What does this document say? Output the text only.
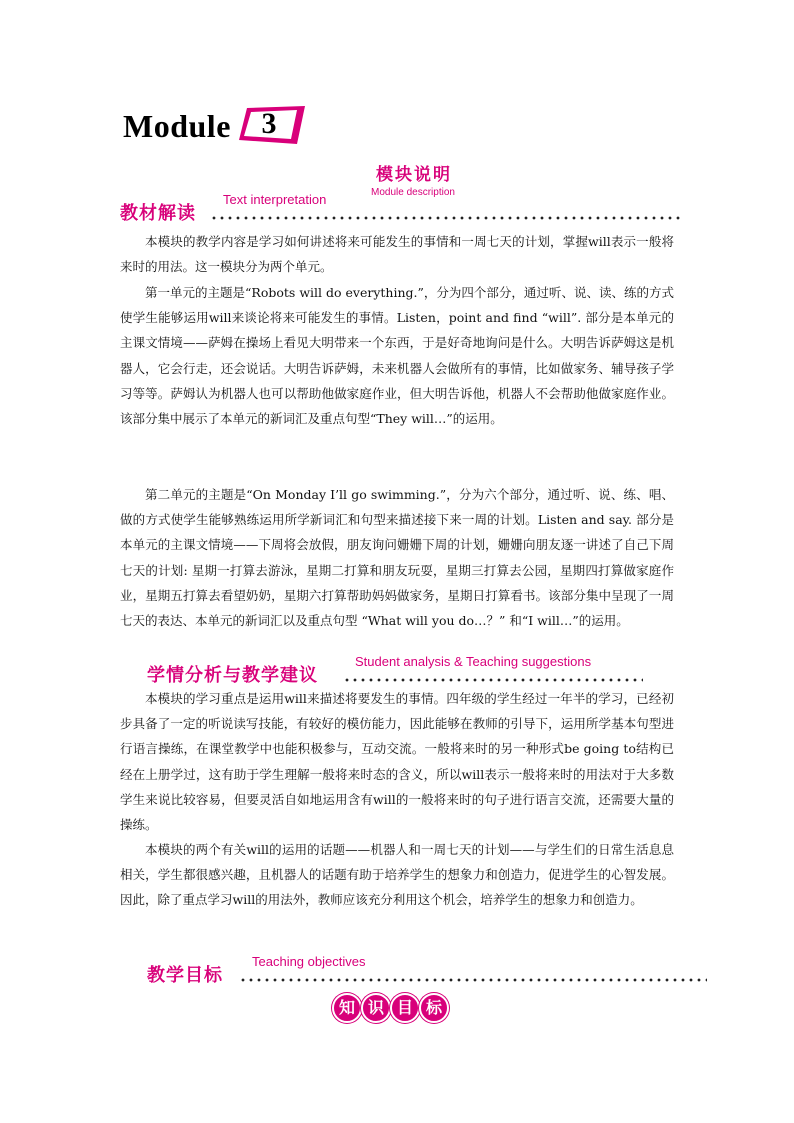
Module	3
模块说明
Module description
教材解读
Text interpretation

本模块的教学内容是学习如何讲述将来可能发生的事情和一周七天的计划，掌握will表示一般将来时的用法。这一模块分为两个单元。

第一单元的主题是“Robots will do everything.”，分为四个部分，通过听、说、读、练的方式使学生能够运用will来谈论将来可能发生的事情。Listen，point and find “will”. 部分是本单元的主课文情境——萨姆在操场上看见大明带来一个东西，于是好奇地询问是什么。大明告诉萨姆这是机器人，它会行走，还会说话。大明告诉萨姆，未来机器人会做所有的事情，比如做家务、辅导孩子学习等等。萨姆认为机器人也可以帮助他做家庭作业，但大明告诉他，机器人不会帮助他做家庭作业。该部分集中展示了本单元的新词汇及重点句型“They will…”的运用。

第二单元的主题是“On Monday I’ll go swimming.”，分为六个部分，通过听、说、练、唱、做的方式使学生能够熟练运用所学新词汇和句型来描述接下来一周的计划。Listen and say. 部分是本单元的主课文情境——下周将会放假，朋友询问姗姗下周的计划，姗姗向朋友逐一讲述了自己下周七天的计划: 星期一打算去游泳，星期二打算和朋友玩耍，星期三打算去公园，星期四打算做家庭作业，星期五打算去看望奶奶，星期六打算帮助妈妈做家务，星期日打算看书。该部分集中呈现了一周七天的表达、本单元的新词汇以及重点句型 “What will you do…？” 和“I will…”的运用。

学情分析与教学建议
Student analysis & Teaching suggestions

本模块的学习重点是运用will来描述将要发生的事情。四年级的学生经过一年半的学习，已经初步具备了一定的听说读写技能，有较好的模仿能力，因此能够在教师的引导下，运用所学基本句型进行语言操练，在课堂教学中也能积极参与，互动交流。一般将来时的另一种形式be going to结构已经在上册学过，这有助于学生理解一般将来时态的含义，所以will表示一般将来时的用法对于大多数学生来说比较容易，但要灵活自如地运用含有will的一般将来时的句子进行语言交流，还需要大量的操练。

本模块的两个有关will的运用的话题——机器人和一周七天的计划——与学生们的日常生活息息相关，学生都很感兴趣，且机器人的话题有助于培养学生的想象力和创造力，促进学生的心智发展。因此，除了重点学习will的用法外，教师应该充分利用这个机会，培养学生的想象力和创造力。

教学目标
Teaching objectives
知 识 目 标
